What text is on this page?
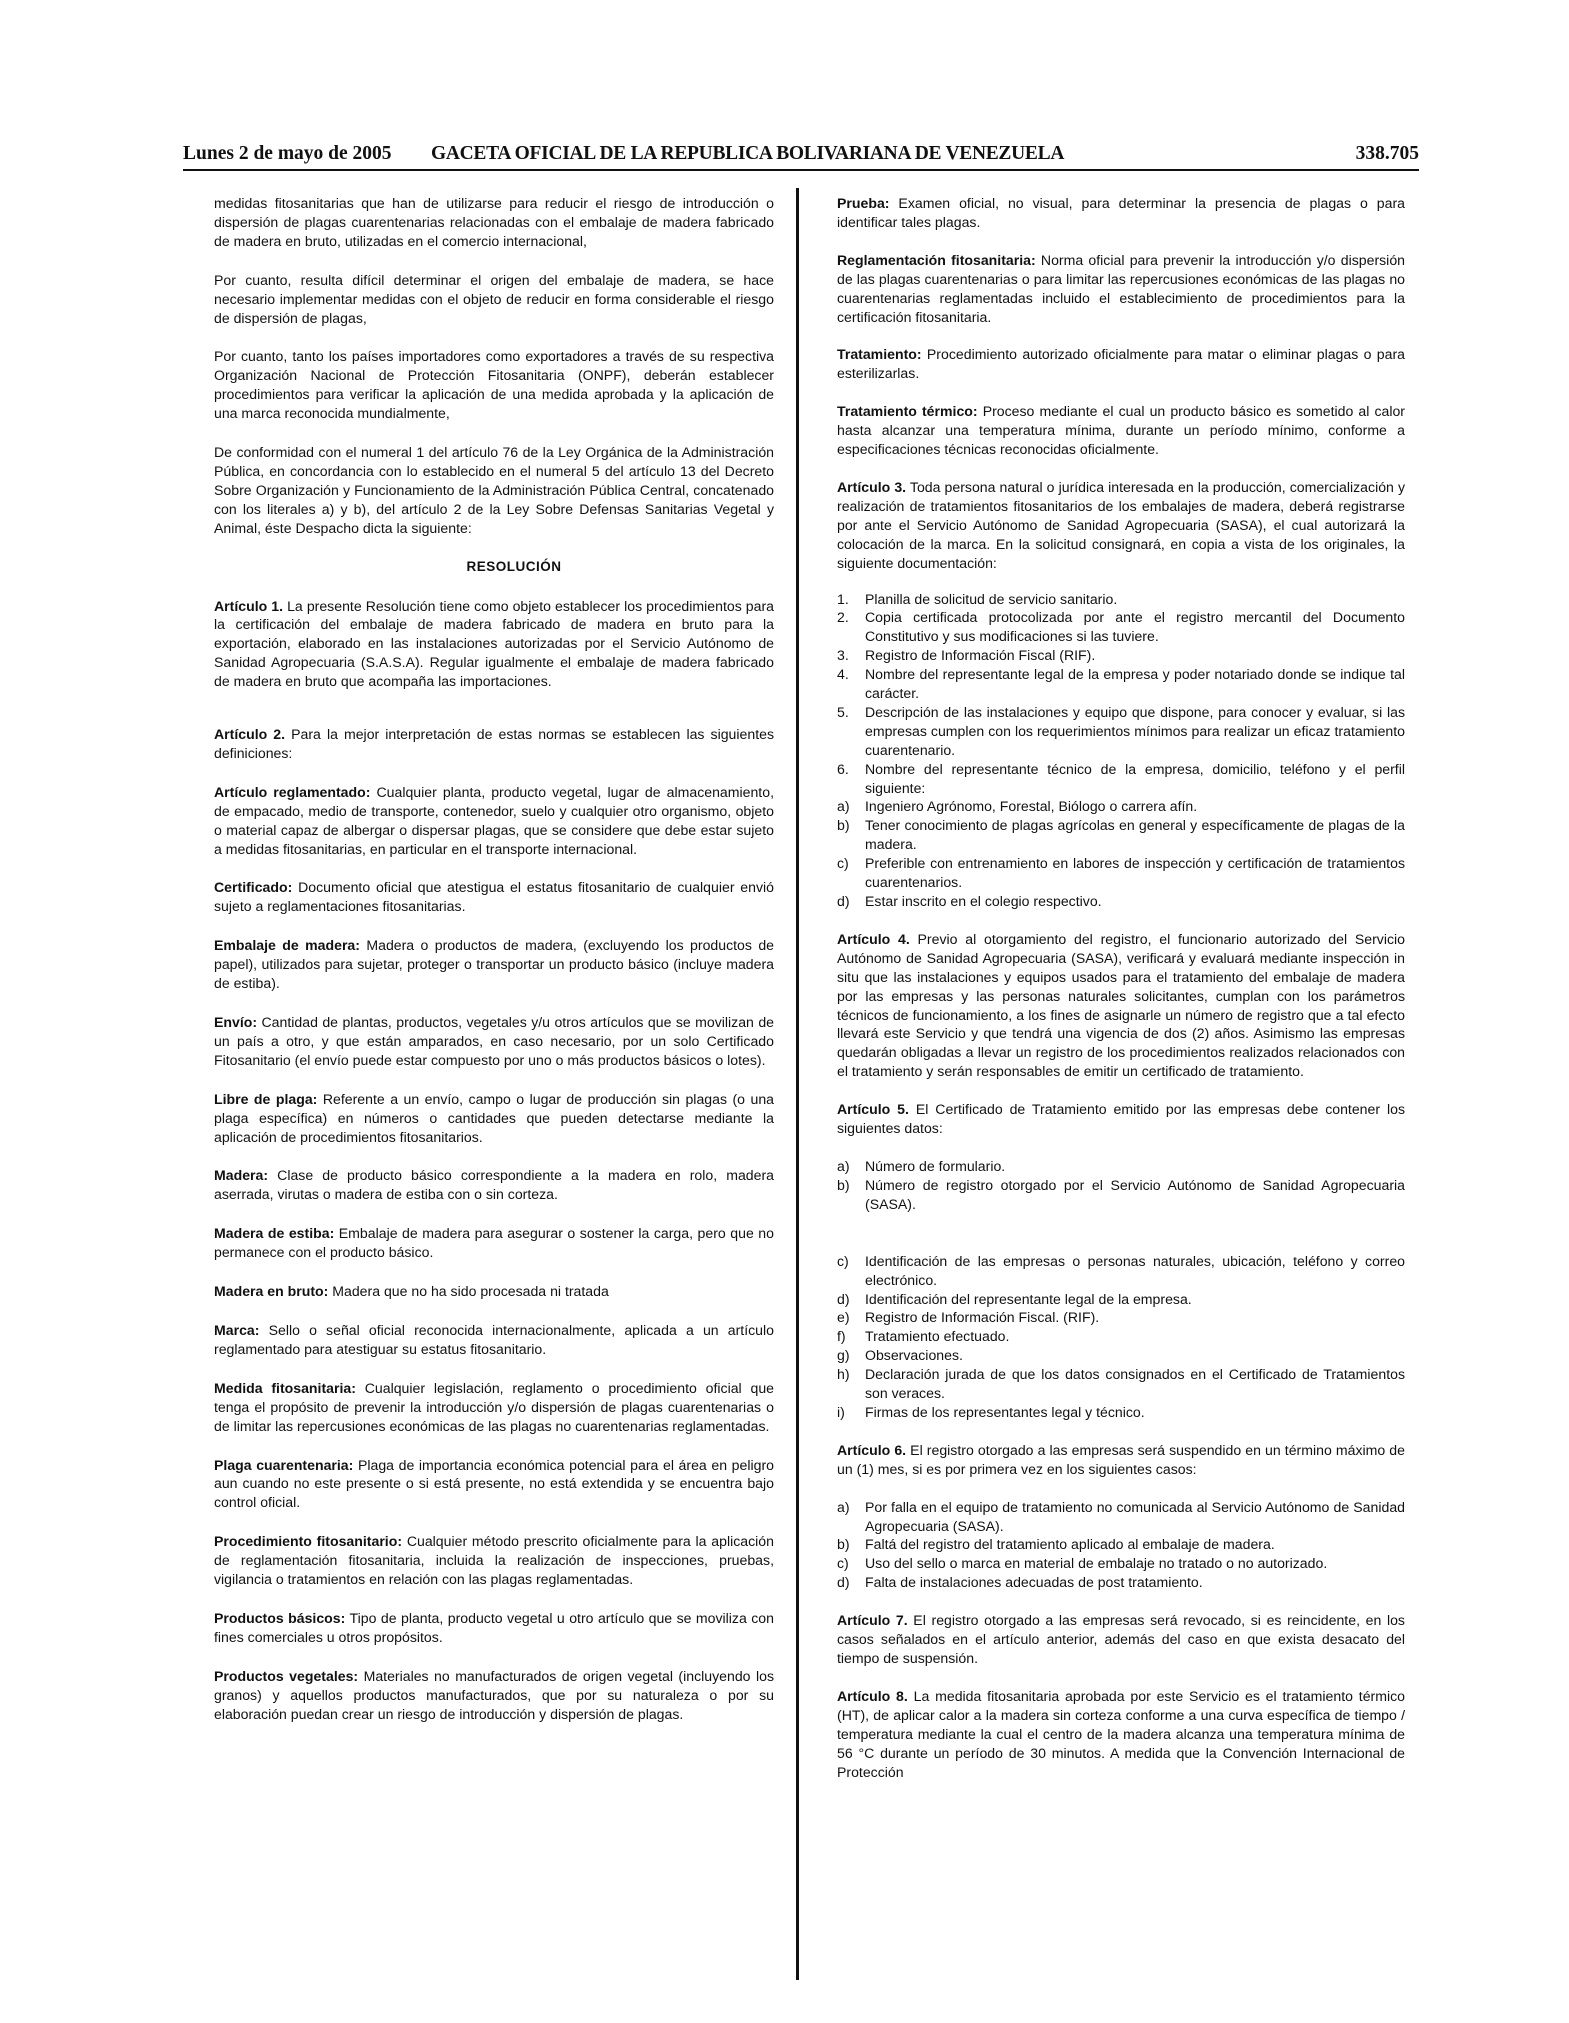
Lunes 2 de mayo de 2005 GACETA OFICIAL DE LA REPUBLICA BOLIVARIANA DE VENEZUELA	338.705

medidas fitosanitarias que han de utilizarse para reducir el riesgo de introducción o dispersión de plagas cuarentenarias relacionadas con el embalaje de madera fabricado de madera en bruto, utilizadas en el comercio internacional,

Por cuanto, resulta difícil determinar el origen del embalaje de madera, se hace necesario implementar medidas con el objeto de reducir en forma considerable el riesgo de dispersión de plagas,

Por cuanto, tanto los países importadores como exportadores a través de su respectiva Organización Nacional de Protección Fitosanitaria (ONPF), deberán establecer procedimientos para verificar la aplicación de una medida aprobada y la aplicación de una marca reconocida mundialmente,

De conformidad con el numeral 1 del artículo 76 de la Ley Orgánica de la Administración Pública, en concordancia con lo establecido en el numeral 5 del artículo 13 del Decreto Sobre Organización y Funcionamiento de la Administración Pública Central, concatenado con los literales a) y b), del artículo 2 de la Ley Sobre Defensas Sanitarias Vegetal y Animal, éste Despacho dicta la siguiente:

RESOLUCIÓN

Artículo 1. La presente Resolución tiene como objeto establecer los procedimientos para la certificación del embalaje de madera fabricado de madera en bruto para la exportación, elaborado en las instalaciones autorizadas por el Servicio Autónomo de Sanidad Agropecuaria (S.A.S.A). Regular igualmente el embalaje de madera fabricado de madera en bruto que acompaña las importaciones.

Artículo 2. Para la mejor interpretación de estas normas se establecen las siguientes definiciones:

Artículo reglamentado: Cualquier planta, producto vegetal, lugar de almacenamiento, de empacado, medio de transporte, contenedor, suelo y cualquier otro organismo, objeto o material capaz de albergar o dispersar plagas, que se considere que debe estar sujeto a medidas fitosanitarias, en particular en el transporte internacional.

Certificado: Documento oficial que atestigua el estatus fitosanitario de cualquier envió sujeto a reglamentaciones fitosanitarias.

Embalaje de madera: Madera o productos de madera, (excluyendo los productos de papel), utilizados para sujetar, proteger o transportar un producto básico (incluye madera de estiba).

Envío: Cantidad de plantas, productos, vegetales y/u otros artículos que se movilizan de un país a otro, y que están amparados, en caso necesario, por un solo Certificado Fitosanitario (el envío puede estar compuesto por uno o más productos básicos o lotes).

Libre de plaga: Referente a un envío, campo o lugar de producción sin plagas (o una plaga específica) en números o cantidades que pueden detectarse mediante la aplicación de procedimientos fitosanitarios.

Madera: Clase de producto básico correspondiente a la madera en rolo, madera aserrada, virutas o madera de estiba con o sin corteza.

Madera de estiba: Embalaje de madera para asegurar o sostener la carga, pero que no permanece con el producto básico.

Madera en bruto: Madera que no ha sido procesada ni tratada

Marca: Sello o señal oficial reconocida internacionalmente, aplicada a un artículo reglamentado para atestiguar su estatus fitosanitario.

Medida fitosanitaria: Cualquier legislación, reglamento o procedimiento oficial que tenga el propósito de prevenir la introducción y/o dispersión de plagas cuarentenarias o de limitar las repercusiones económicas de las plagas no cuarentenarias reglamentadas.

Plaga cuarentenaria: Plaga de importancia económica potencial para el área en peligro aun cuando no este presente o si está presente, no está extendida y se encuentra bajo control oficial.

Procedimiento fitosanitario: Cualquier método prescrito oficialmente para la aplicación de reglamentación fitosanitaria, incluida la realización de inspecciones, pruebas, vigilancia o tratamientos en relación con las plagas reglamentadas.

Productos básicos: Tipo de planta, producto vegetal u otro artículo que se moviliza con fines comerciales u otros propósitos.

Productos vegetales: Materiales no manufacturados de origen vegetal (incluyendo los granos) y aquellos productos manufacturados, que por su naturaleza o por su elaboración puedan crear un riesgo de introducción y dispersión de plagas.

Prueba: Examen oficial, no visual, para determinar la presencia de plagas o para identificar tales plagas.

Reglamentación fitosanitaria: Norma oficial para prevenir la introducción y/o dispersión de las plagas cuarentenarias o para limitar las repercusiones económicas de las plagas no cuarentenarias reglamentadas incluido el establecimiento de procedimientos para la certificación fitosanitaria.

Tratamiento: Procedimiento autorizado oficialmente para matar o eliminar plagas o para esterilizarlas.

Tratamiento térmico: Proceso mediante el cual un producto básico es sometido al calor hasta alcanzar una temperatura mínima, durante un período mínimo, conforme a especificaciones técnicas reconocidas oficialmente.

Artículo 3. Toda persona natural o jurídica interesada en la producción, comercialización y realización de tratamientos fitosanitarios de los embalajes de madera, deberá registrarse por ante el Servicio Autónomo de Sanidad Agropecuaria (SASA), el cual autorizará la colocación de la marca. En la solicitud consignará, en copia a vista de los originales, la siguiente documentación:

1.	Planilla de solicitud de servicio sanitario.
2.	Copia certificada protocolizada por ante el registro mercantil del Documento Constitutivo y sus modificaciones si las tuviere.
3.	Registro de Información Fiscal (RIF).
4.	Nombre del representante legal de la empresa y poder notariado donde se indique tal carácter.
5.	Descripción de las instalaciones y equipo que dispone, para conocer y evaluar, si las empresas cumplen con los requerimientos mínimos para realizar un eficaz tratamiento cuarentenario.
6.	Nombre del representante técnico de la empresa, domicilio, teléfono y el perfil siguiente:
a)	Ingeniero Agrónomo, Forestal, Biólogo o carrera afín.
b)	Tener conocimiento de plagas agrícolas en general y específicamente de plagas de la madera.
c)	Preferible con entrenamiento en labores de inspección y certificación de tratamientos cuarentenarios.
d)	Estar inscrito en el colegio respectivo.

Artículo 4. Previo al otorgamiento del registro, el funcionario autorizado del Servicio Autónomo de Sanidad Agropecuaria (SASA), verificará y evaluará mediante inspección in situ que las instalaciones y equipos usados para el tratamiento del embalaje de madera por las empresas y las personas naturales solicitantes, cumplan con los parámetros técnicos de funcionamiento, a los fines de asignarle un número de registro que a tal efecto llevará este Servicio y que tendrá una vigencia de dos (2) años. Asimismo las empresas quedarán obligadas a llevar un registro de los procedimientos realizados relacionados con el tratamiento y serán responsables de emitir un certificado de tratamiento.

Artículo 5. El Certificado de Tratamiento emitido por las empresas debe contener los siguientes datos:

a)	Número de formulario.
b)	Número de registro otorgado por el Servicio Autónomo de Sanidad Agropecuaria (SASA).
c)	Identificación de las empresas o personas naturales, ubicación, teléfono y correo electrónico.
d)	Identificación del representante legal de la empresa.
e)	Registro de Información Fiscal. (RIF).
f)	Tratamiento efectuado.
g)	Observaciones.
h)	Declaración jurada de que los datos consignados en el Certificado de Tratamientos son veraces.
i)	Firmas de los representantes legal y técnico.

Artículo 6. El registro otorgado a las empresas será suspendido en un término máximo de un (1) mes, si es por primera vez en los siguientes casos:

a)	Por falla en el equipo de tratamiento no comunicada al Servicio Autónomo de Sanidad Agropecuaria (SASA).
b)	Faltá del registro del tratamiento aplicado al embalaje de madera.
c)	Uso del sello o marca en material de embalaje no tratado o no autorizado.
d)	Falta de instalaciones adecuadas de post tratamiento.

Artículo 7. El registro otorgado a las empresas será revocado, si es reincidente, en los casos señalados en el artículo anterior, además del caso en que exista desacato del tiempo de suspensión.

Artículo 8. La medida fitosanitaria aprobada por este Servicio es el tratamiento térmico (HT), de aplicar calor a la madera sin corteza conforme a una curva específica de tiempo / temperatura mediante la cual el centro de la madera alcanza una temperatura mínima de 56 °C durante un período de 30 minutos. A medida que la Convención Internacional de Protección
